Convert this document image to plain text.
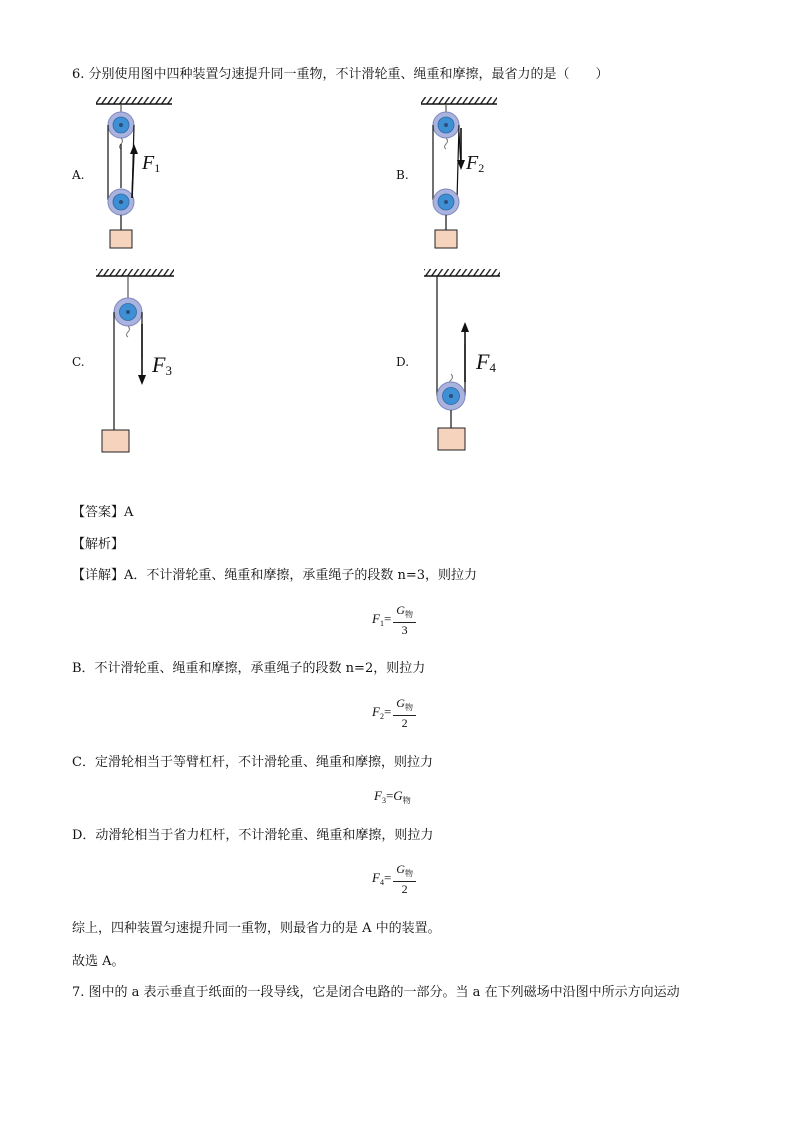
6. 分别使用图中四种装置匀速提升同一重物，不计滑轮重、绳重和摩擦，最省力的是（　　）
A.	B.
C.	D.
F1	F2
F3	F4
【答案】A
【解析】
【详解】A．不计滑轮重、绳重和摩擦，承重绳子的段数 n=3，则拉力
$F_1= \frac{G_物}{3}$
B．不计滑轮重、绳重和摩擦，承重绳子的段数 n=2，则拉力
$F_2= \frac{G_物}{2}$
C．定滑轮相当于等臂杠杆，不计滑轮重、绳重和摩擦，则拉力
$F_3=G_物$
D．动滑轮相当于省力杠杆，不计滑轮重、绳重和摩擦，则拉力
$F_4= \frac{G_物}{2}$
综上，四种装置匀速提升同一重物，则最省力的是 A 中的装置。
故选 A。
7. 图中的 a 表示垂直于纸面的一段导线，它是闭合电路的一部分。当 a 在下列磁场中沿图中所示方向运动
